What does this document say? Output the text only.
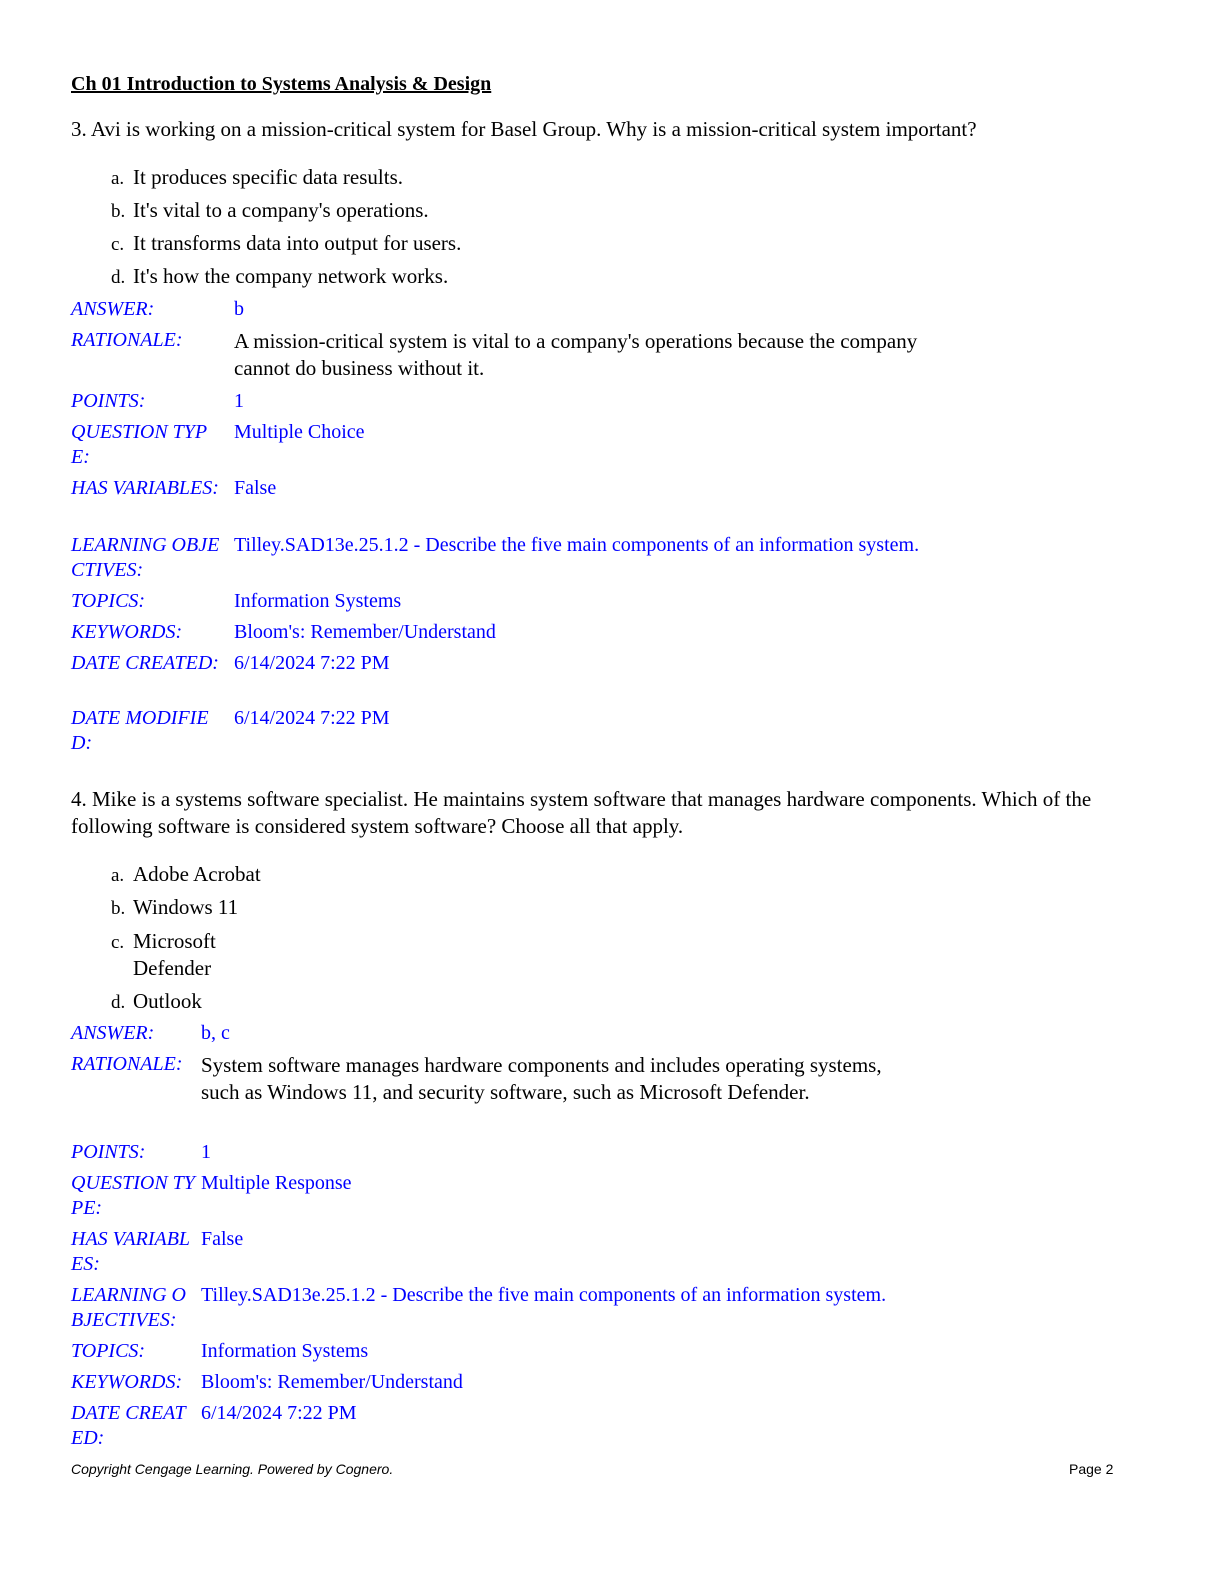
Ch 01 Introduction to Systems Analysis & Design
3. Avi is working on a mission-critical system for Basel Group. Why is a mission-critical system important?
a. It produces specific data results.
b. It's vital to a company's operations.
c. It transforms data into output for users.
d. It's how the company network works.
ANSWER:	b
RATIONALE:	A mission-critical system is vital to a company's operations because the company cannot do business without it.
POINTS:	1
QUESTION TYPE:
Multiple Choice
HAS VARIABLES: False
LEARNING OBJECTIVES:
Tilley.SAD13e.25.1.2 - Describe the five main components of an information system.
TOPICS:	Information Systems
KEYWORDS:	Bloom's: Remember/Understand
DATE CREATED: 6/14/2024 7:22 PM
DATE MODIFIED:
6/14/2024 7:22 PM
4. Mike is a systems software specialist. He maintains system software that manages hardware components. Which of the following software is considered system software? Choose all that apply.
a. Adobe Acrobat
b. Windows 11
c. Microsoft Defender
d. Outlook
ANSWER:	b, c
RATIONALE: System software manages hardware components and includes operating systems, such as Windows 11, and security software, such as Microsoft Defender.
POINTS:	1
QUESTION TYPE:
Multiple Response
HAS VARIABLES:
False
LEARNING OBJECTIVES:
Tilley.SAD13e.25.1.2 - Describe the five main components of an information system.
TOPICS:	Information Systems
KEYWORDS: Bloom's: Remember/Understand
DATE CREATED:
6/14/2024 7:22 PM
Copyright Cengage Learning. Powered by Cognero.	Page 2
